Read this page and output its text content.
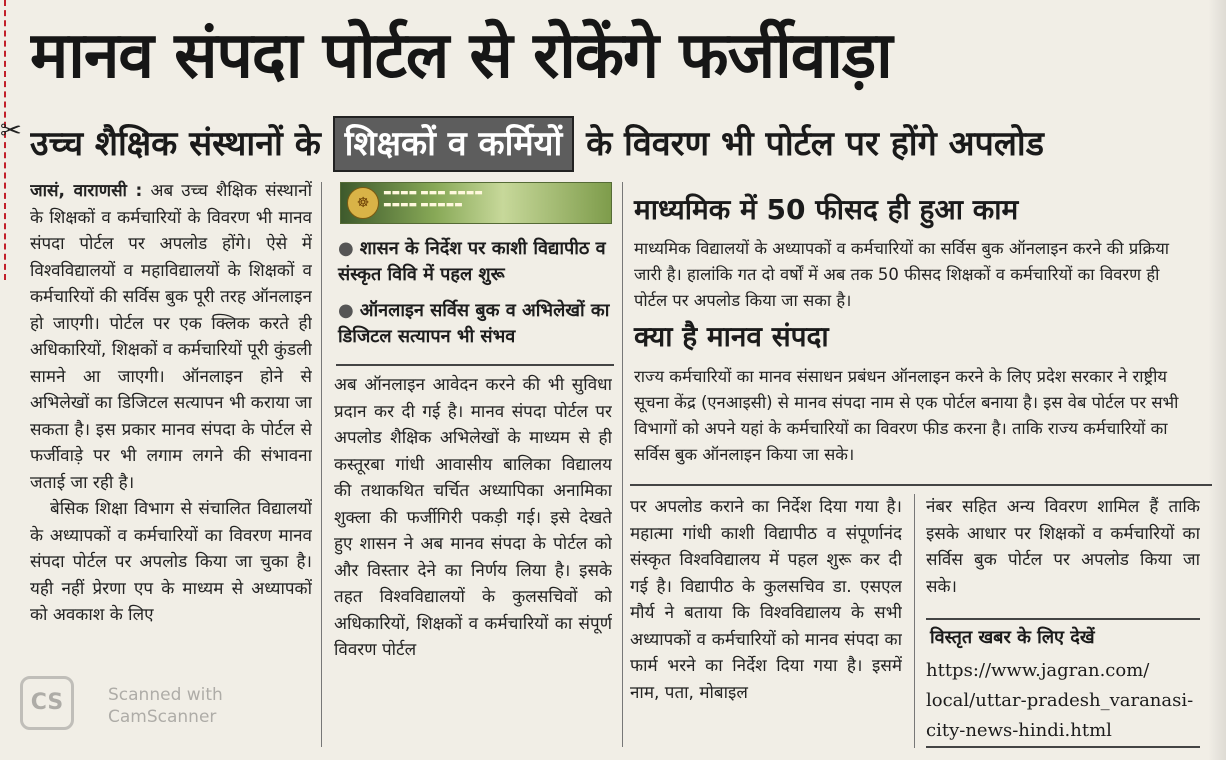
✂
मानव संपदा पोर्टल से रोकेंगे फर्जीवाड़ा
उच्च शैक्षिक संस्थानों के शिक्षकों व कर्मियों के विवरण भी पोर्टल पर होंगे अपलोड

जासं, वाराणसी : अब उच्च शैक्षिक संस्थानों के शिक्षकों व कर्मचारियों के विवरण भी मानव संपदा पोर्टल पर अपलोड होंगे। ऐसे में विश्वविद्यालयों व महाविद्यालयों के शिक्षकों व कर्मचारियों की सर्विस बुक पूरी तरह ऑनलाइन हो जाएगी। पोर्टल पर एक क्लिक करते ही अधिकारियों, शिक्षकों व कर्मचारियों पूरी कुंडली सामने आ जाएगी। ऑनलाइन होने से अभिलेखों का डिजिटल सत्यापन भी कराया जा सकता है। इस प्रकार मानव संपदा के पोर्टल से फर्जीवाड़े पर भी लगाम लगने की संभावना जताई जा रही है।

बेसिक शिक्षा विभाग से संचालित विद्यालयों के अध्यापकों व कर्मचारियों का विवरण मानव संपदा पोर्टल पर अपलोड किया जा चुका है। यही नहीं प्रेरणा एप के माध्यम से अध्यापकों को अवकाश के लिए

☸
▬▬▬▬ ▬▬▬ ▬▬▬▬
▬▬▬▬ ▬▬▬▬▬
● शासन के निर्देश पर काशी विद्यापीठ व संस्कृत विवि में पहल शुरू
● ऑनलाइन सर्विस बुक व अभिलेखों का डिजिटल सत्यापन भी संभव

अब ऑनलाइन आवेदन करने की भी सुविधा प्रदान कर दी गई है। मानव संपदा पोर्टल पर अपलोड शैक्षिक अभिलेखों के माध्यम से ही कस्तूरबा गांधी आवासीय बालिका विद्यालय की तथाकथित चर्चित अध्यापिका अनामिका शुक्ला की फर्जीगिरी पकड़ी गई। इसे देखते हुए शासन ने अब मानव संपदा के पोर्टल को और विस्तार देने का निर्णय लिया है। इसके तहत विश्वविद्यालयों के कुलसचिवों को अधिकारियों, शिक्षकों व कर्मचारियों का संपूर्ण विवरण पोर्टल

माध्यमिक में 50 फीसद ही हुआ काम
माध्यमिक विद्यालयों के अध्यापकों व कर्मचारियों का सर्विस बुक ऑनलाइन करने की प्रक्रिया जारी है। हालांकि गत दो वर्षों में अब तक 50 फीसद शिक्षकों व कर्मचारियों का विवरण ही पोर्टल पर अपलोड किया जा सका है।
क्या है मानव संपदा
राज्य कर्मचारियों का मानव संसाधन प्रबंधन ऑनलाइन करने के लिए प्रदेश सरकार ने राष्ट्रीय सूचना केंद्र (एनआइसी) से मानव संपदा नाम से एक पोर्टल बनाया है। इस वेब पोर्टल पर सभी विभागों को अपने यहां के कर्मचारियों का विवरण फीड करना है। ताकि राज्य कर्मचारियों का सर्विस बुक ऑनलाइन किया जा सके।

पर अपलोड कराने का निर्देश दिया गया है। महात्मा गांधी काशी विद्यापीठ व संपूर्णानंद संस्कृत विश्वविद्यालय में पहल शुरू कर दी गई है। विद्यापीठ के कुलसचिव डा. एसएल मौर्य ने बताया कि विश्वविद्यालय के सभी अध्यापकों व कर्मचारियों को मानव संपदा का फार्म भरने का निर्देश दिया गया है। इसमें नाम, पता, मोबाइल

नंबर सहित अन्य विवरण शामिल हैं ताकि इसके आधार पर शिक्षकों व कर्मचारियों का सर्विस बुक पोर्टल पर अपलोड किया जा सके।

विस्तृत खबर के लिए देखें
https://www.jagran.com/
local/uttar-pradesh_varanasi-
city-news-hindi.html
CS	Scanned with CamScanner
